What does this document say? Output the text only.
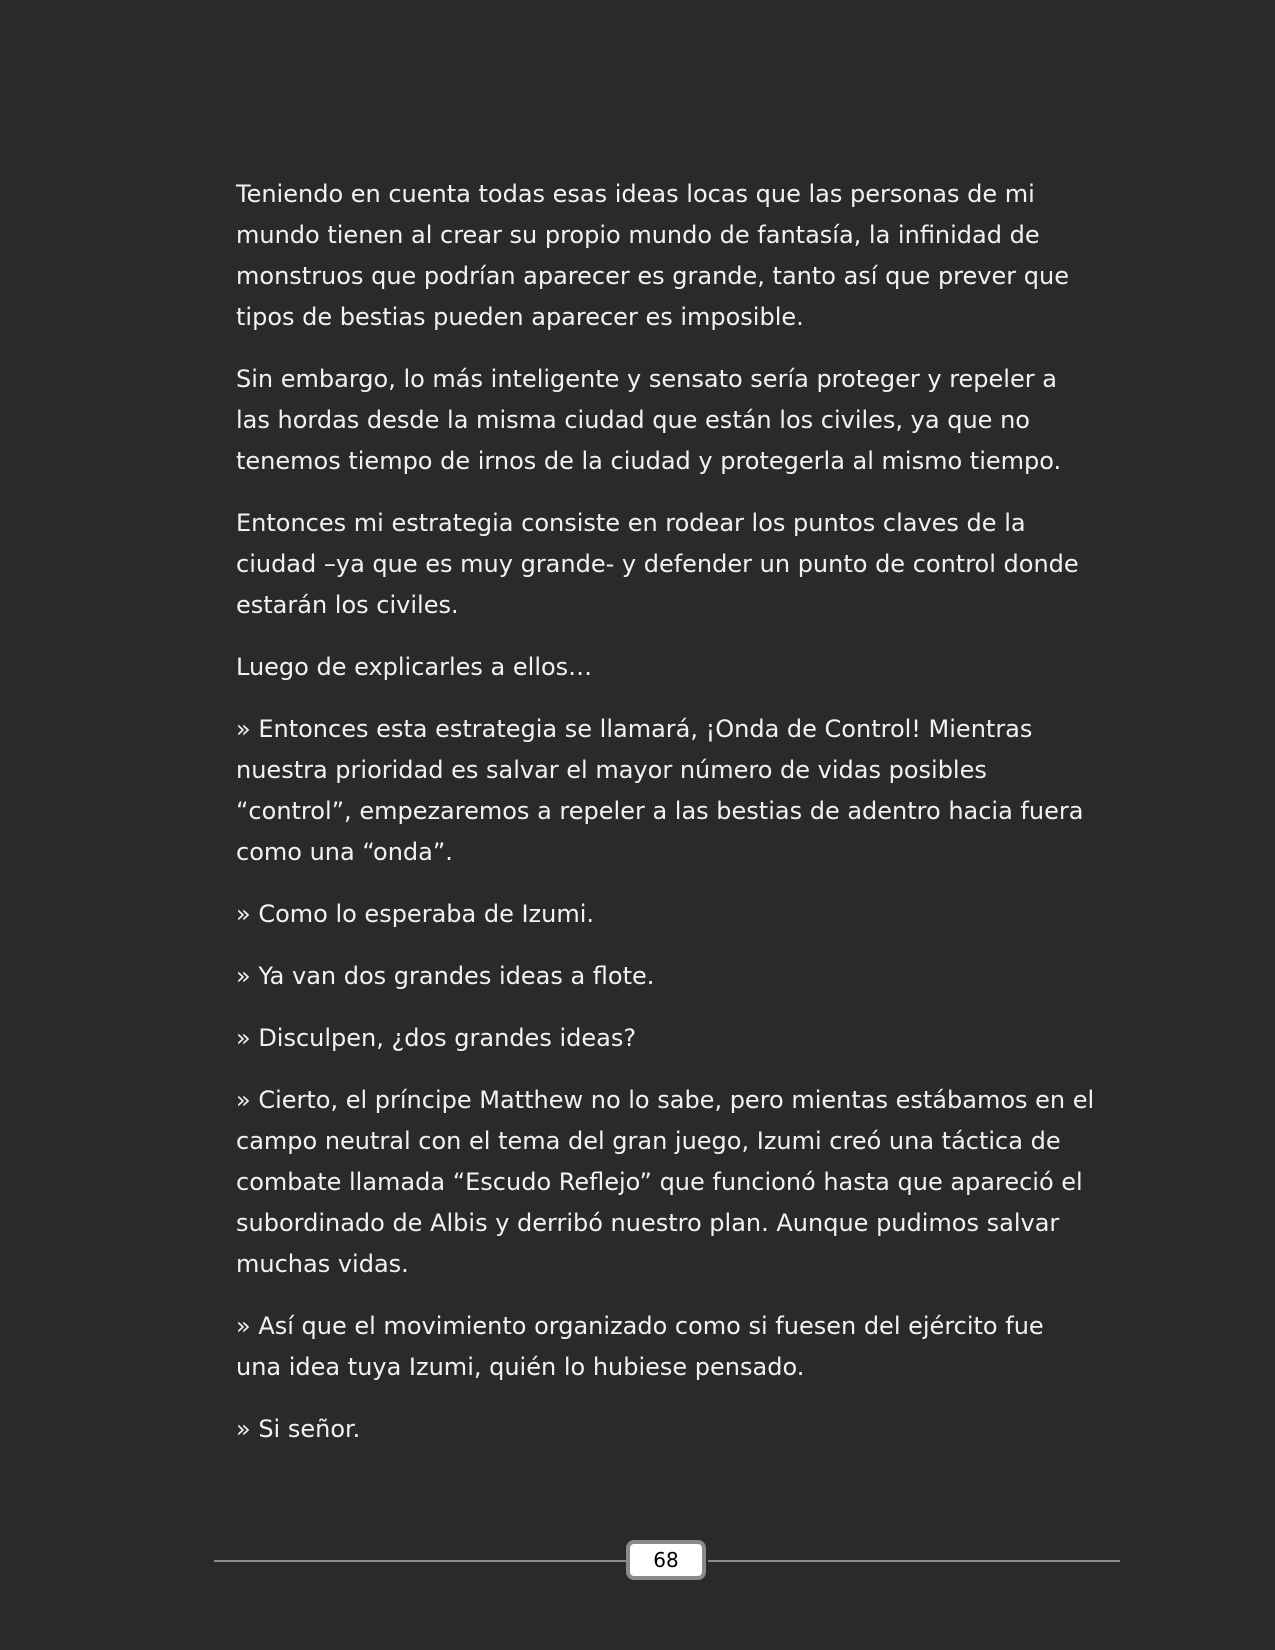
Teniendo en cuenta todas esas ideas locas que las personas de mi mundo tienen al crear su propio mundo de fantasía, la infinidad de monstruos que podrían aparecer es grande, tanto así que prever que tipos de bestias pueden aparecer es imposible.

Sin embargo, lo más inteligente y sensato sería proteger y repeler a las hordas desde la misma ciudad que están los civiles, ya que no tenemos tiempo de irnos de la ciudad y protegerla al mismo tiempo.

Entonces mi estrategia consiste en rodear los puntos claves de la ciudad –ya que es muy grande- y defender un punto de control donde estarán los civiles.

Luego de explicarles a ellos…

» Entonces esta estrategia se llamará, ¡Onda de Control! Mientras nuestra prioridad es salvar el mayor número de vidas posibles “control”, empezaremos a repeler a las bestias de adentro hacia fuera como una “onda”.

» Como lo esperaba de Izumi.

» Ya van dos grandes ideas a flote.

» Disculpen, ¿dos grandes ideas?

» Cierto, el príncipe Matthew no lo sabe, pero mientas estábamos en el campo neutral con el tema del gran juego, Izumi creó una táctica de combate llamada “Escudo Reflejo” que funcionó hasta que apareció el subordinado de Albis y derribó nuestro plan. Aunque pudimos salvar muchas vidas.

» Así que el movimiento organizado como si fuesen del ejército fue una idea tuya Izumi, quién lo hubiese pensado.

» Si señor.

68
